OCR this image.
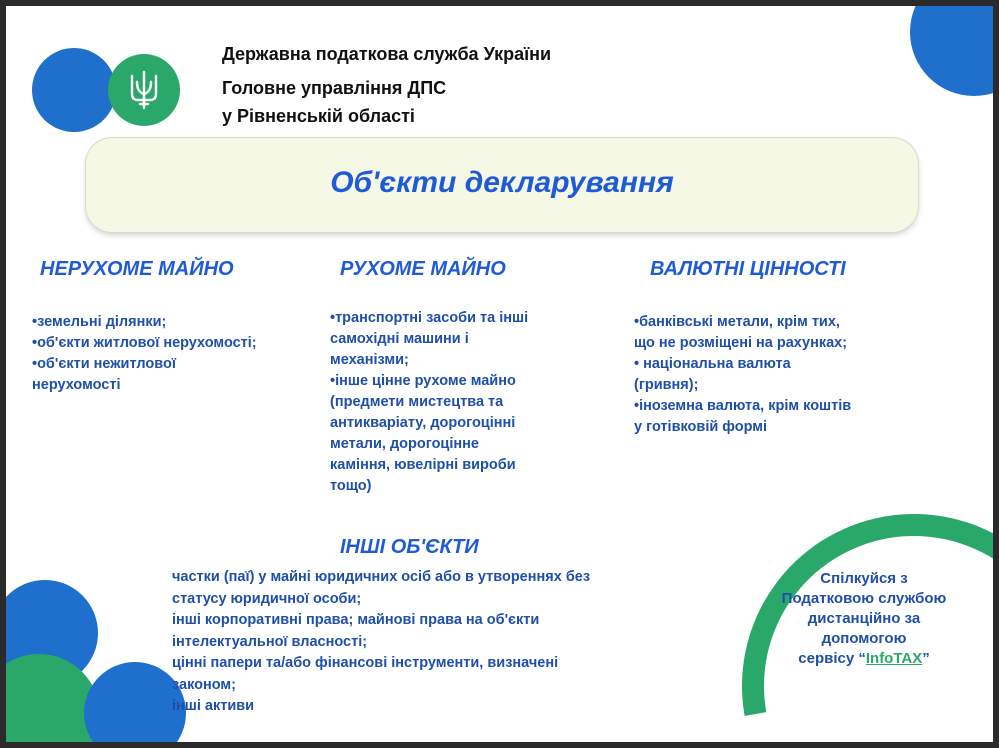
Державна податкова служба України
Головне управління ДПС
у Рівненській області
Об'єкти декларування
НЕРУХОМЕ МАЙНО
•земельні ділянки;
•об'єкти житлової нерухомості;
•об'єкти нежитлової
нерухомості
РУХОМЕ МАЙНО
•транспортні засоби та інші
самохідні машини і
механізми;
•інше цінне рухоме майно
(предмети мистецтва та
антикваріату, дорогоцінні
метали, дорогоцінне
каміння, ювелірні вироби
тощо)
ВАЛЮТНІ ЦІННОСТІ
•банківські метали, крім тих,
що не розміщені на рахунках;
• національна валюта
(гривня);
•іноземна валюта, крім коштів
у готівковій формі
ІНШІ ОБ'ЄКТИ
частки (паї) у майні юридичних осіб або в утвореннях без
статусу юридичної особи;
інші корпоративні права; майнові права на об'єкти
інтелектуальної власності;
цінні папери та/або фінансові інструменти, визначені
законом;
інші активи
Спілкуйся з
Податковою службою
дистанційно за
допомогою
сервісу “InfoTAX”
